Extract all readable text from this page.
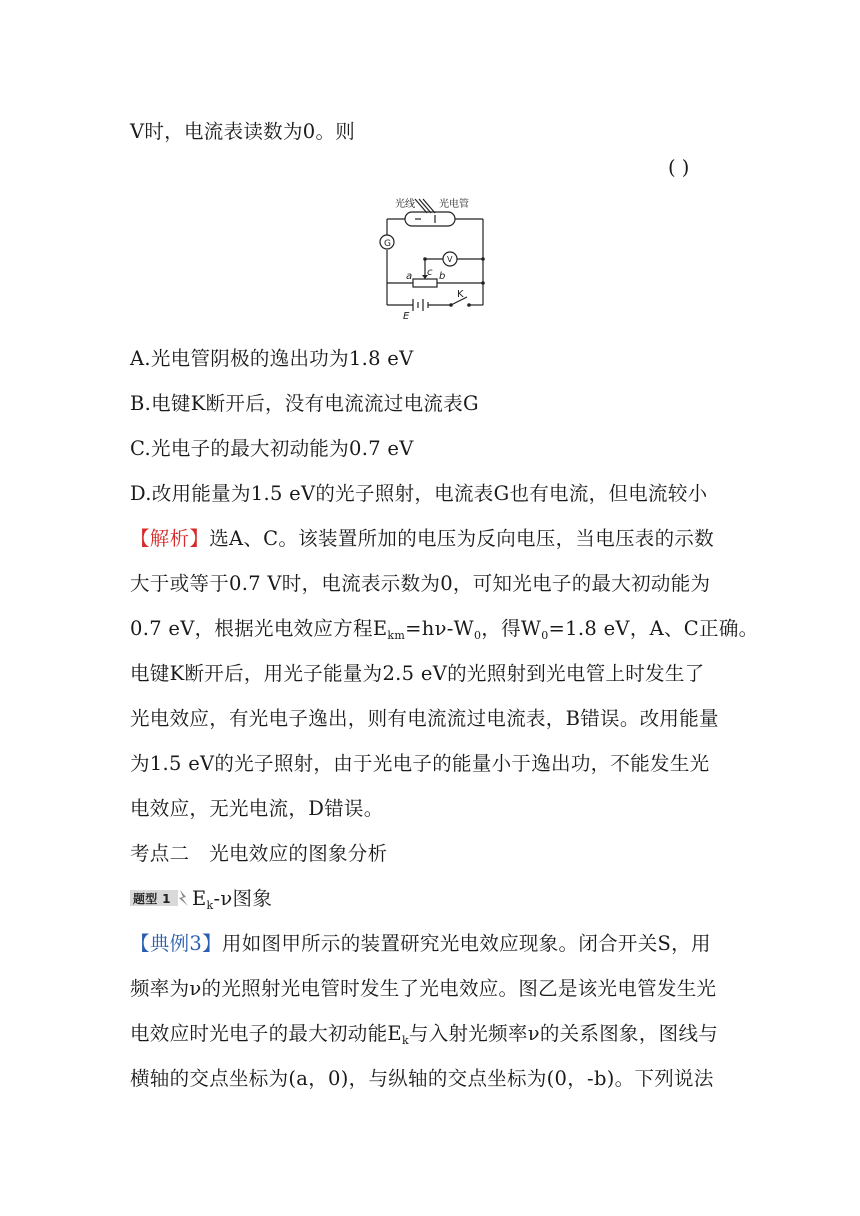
V时，电流表读数为0。则
( )
光线 光电管
G
V
a c b
K
E
A.光电管阴极的逸出功为1.8 eV
B.电键K断开后，没有电流流过电流表G
C.光电子的最大初动能为0.7 eV
D.改用能量为1.5 eV的光子照射，电流表G也有电流，但电流较小
【解析】选A、C。该装置所加的电压为反向电压，当电压表的示数
大于或等于0.7 V时，电流表示数为0，可知光电子的最大初动能为
0.7 eV，根据光电效应方程$E_{km}=h\nu-W_0$，得$W_0=1.8$ eV，A、C正确。
电键K断开后，用光子能量为2.5 eV的光照射到光电管上时发生了
光电效应，有光电子逸出，则有电流流过电流表，B错误。改用能量
为1.5 eV的光子照射，由于光电子的能量小于逸出功，不能发生光
电效应，无光电流，D错误。
考点二　光电效应的图象分析
题型 1 $E_k-\nu$图象
【典例3】用如图甲所示的装置研究光电效应现象。闭合开关S，用
频率为ν的光照射光电管时发生了光电效应。图乙是该光电管发生光
电效应时光电子的最大初动能$E_k$与入射光频率ν的关系图象，图线与
横轴的交点坐标为(a，0)，与纵轴的交点坐标为(0，-b)。下列说法
